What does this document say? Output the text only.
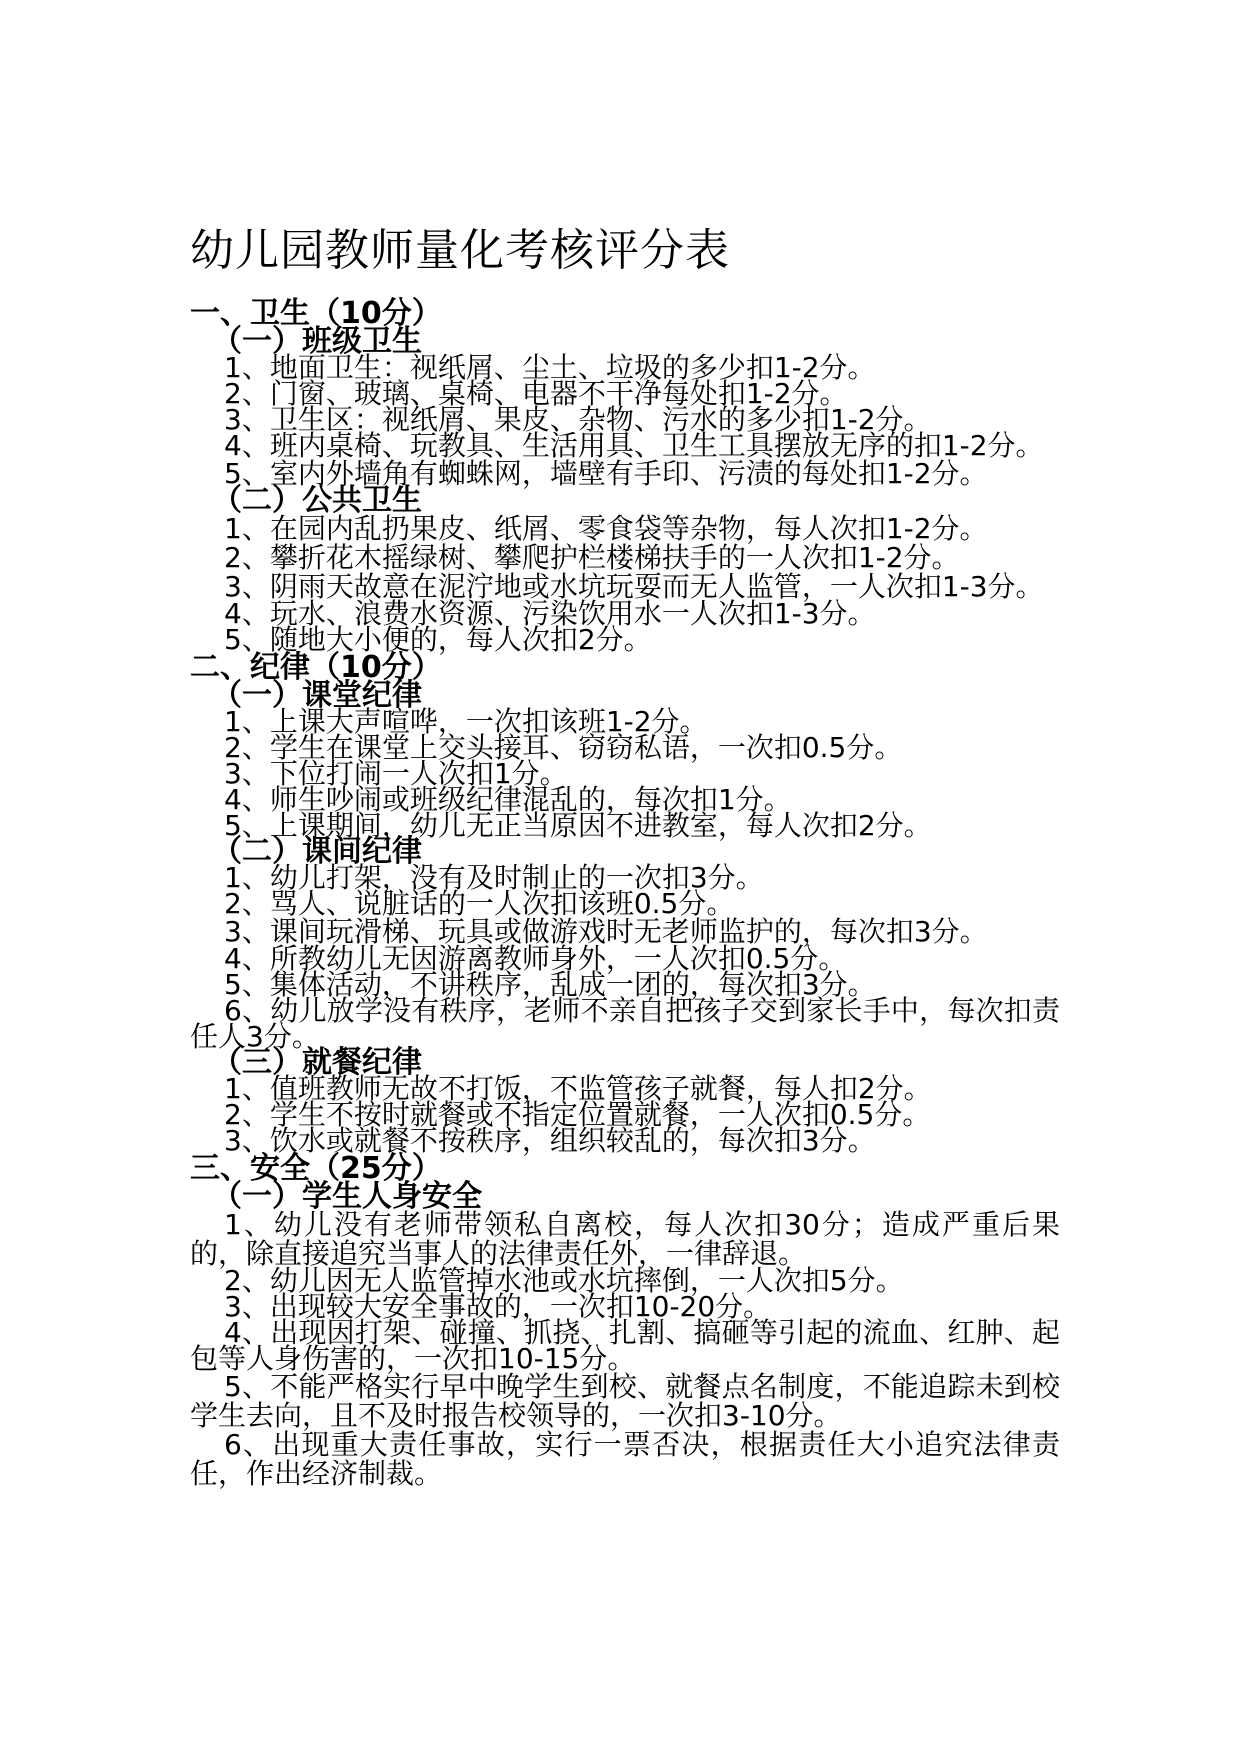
幼儿园教师量化考核评分表
一、卫生（10分）
（一）班级卫生

1、地面卫生：视纸屑、尘土、垃圾的多少扣1-2分。

2、门窗、玻璃、桌椅、电器不干净每处扣1-2分。

3、卫生区：视纸屑、果皮、杂物、污水的多少扣1-2分。

4、班内桌椅、玩教具、生活用具、卫生工具摆放无序的扣1-2分。

5、室内外墙角有蜘蛛网，墙壁有手印、污渍的每处扣1-2分。

（二）公共卫生

1、在园内乱扔果皮、纸屑、零食袋等杂物，每人次扣1-2分。

2、攀折花木摇绿树、攀爬护栏楼梯扶手的一人次扣1-2分。

3、阴雨天故意在泥泞地或水坑玩耍而无人监管，一人次扣1-3分。

4、玩水、浪费水资源、污染饮用水一人次扣1-3分。

5、随地大小便的，每人次扣2分。

二、纪律（10分）
（一）课堂纪律

1、上课大声喧哗，一次扣该班1-2分。

2、学生在课堂上交头接耳、窃窃私语，一次扣0.5分。

3、下位打闹一人次扣1分。

4、师生吵闹或班级纪律混乱的，每次扣1分。

5、上课期间，幼儿无正当原因不进教室，每人次扣2分。

（二）课间纪律

1、幼儿打架，没有及时制止的一次扣3分。

2、骂人、说脏话的一人次扣该班0.5分。

3、课间玩滑梯、玩具或做游戏时无老师监护的，每次扣3分。

4、所教幼儿无因游离教师身外，一人次扣0.5分。

5、集体活动，不讲秩序，乱成一团的，每次扣3分。

6、幼儿放学没有秩序，老师不亲自把孩子交到家长手中，每次扣责任人3分。

（三）就餐纪律

1、值班教师无故不打饭，不监管孩子就餐，每人扣2分。

2、学生不按时就餐或不指定位置就餐，一人次扣0.5分。

3、饮水或就餐不按秩序，组织较乱的，每次扣3分。

三、安全（25分）
（一）学生人身安全

1、幼儿没有老师带领私自离校，每人次扣30分；造成严重后果的，除直接追究当事人的法律责任外，一律辞退。

2、幼儿因无人监管掉水池或水坑摔倒，一人次扣5分。

3、出现较大安全事故的，一次扣10-20分。

4、出现因打架、碰撞、抓挠、扎割、搞砸等引起的流血、红肿、起包等人身伤害的，一次扣10-15分。

5、不能严格实行早中晚学生到校、就餐点名制度，不能追踪未到校学生去向，且不及时报告校领导的，一次扣3-10分。

6、出现重大责任事故，实行一票否决，根据责任大小追究法律责任，作出经济制裁。
